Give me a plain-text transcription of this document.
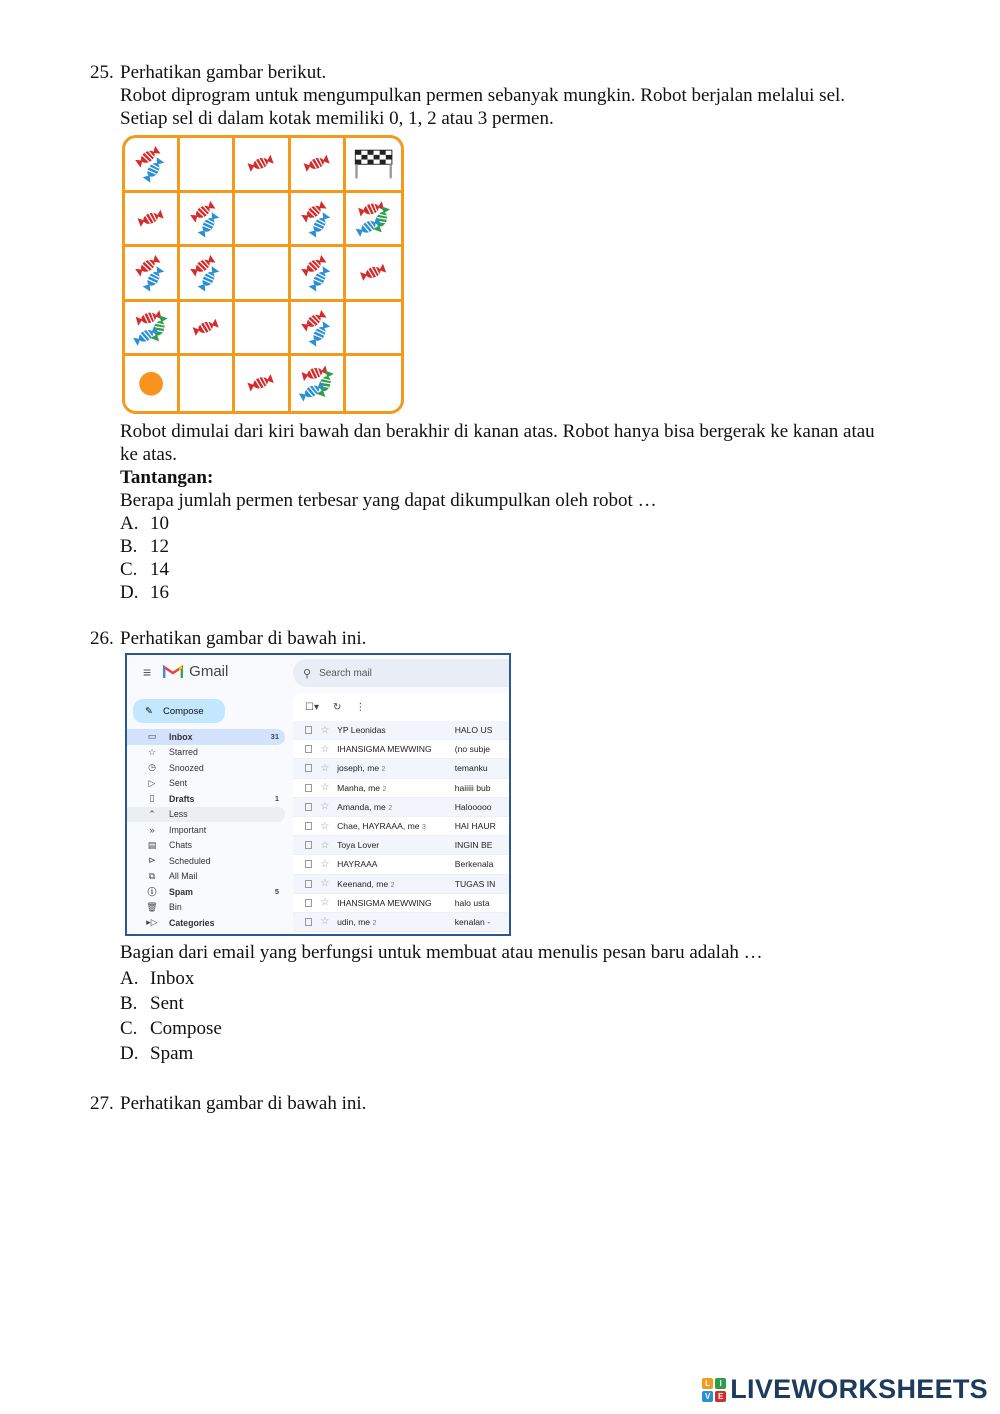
25. Perhatikan gambar berikut.

Robot diprogram untuk mengumpulkan permen sebanyak mungkin. Robot berjalan melalui sel.

Setiap sel di dalam kotak memiliki 0, 1, 2 atau 3 permen.

Robot dimulai dari kiri bawah dan berakhir di kanan atas. Robot hanya bisa bergerak ke kanan atau

ke atas.

Tantangan:

Berapa jumlah permen terbesar yang dapat dikumpulkan oleh robot …

A. 10
B. 12
C. 14
D. 16
26. Perhatikan gambar di bawah ini.

≡	Gmail
✎ Compose
▭	Inbox	31
☆	Starred
◷	Snoozed
▷	Sent
▯	Drafts	1
⌃	Less
»	Important
▤	Chats
⊳	Scheduled
⧉	All Mail
ⓘ Spam	5
🗑 Bin
▸▷ Categories
⚲ Search mail
☐▾ ↻ ⋮
☆ YP Leonidas	HALO US
☆ IHANSIGMA MEWWING	(no subje
☆ joseph, me 2	temanku
☆ Manha, me 2	haiiiii bub
☆ Amanda, me 2	Halooooo
☆ Chae, HAYRAAA, me 3	HAI HAUR
☆ Toya Lover	INGIN BE
☆ HAYRAAA	Berkenala
☆ Keenand, me 2	TUGAS IN
☆ IHANSIGMA MEWWING	halo usta
☆ udin, me 2	kenalan -

Bagian dari email yang berfungsi untuk membuat atau menulis pesan baru adalah …

A. Inbox
B. Sent
C. Compose
D. Spam
27. Perhatikan gambar di bawah ini.

L	I
V E LIVEWORKSHEETS
